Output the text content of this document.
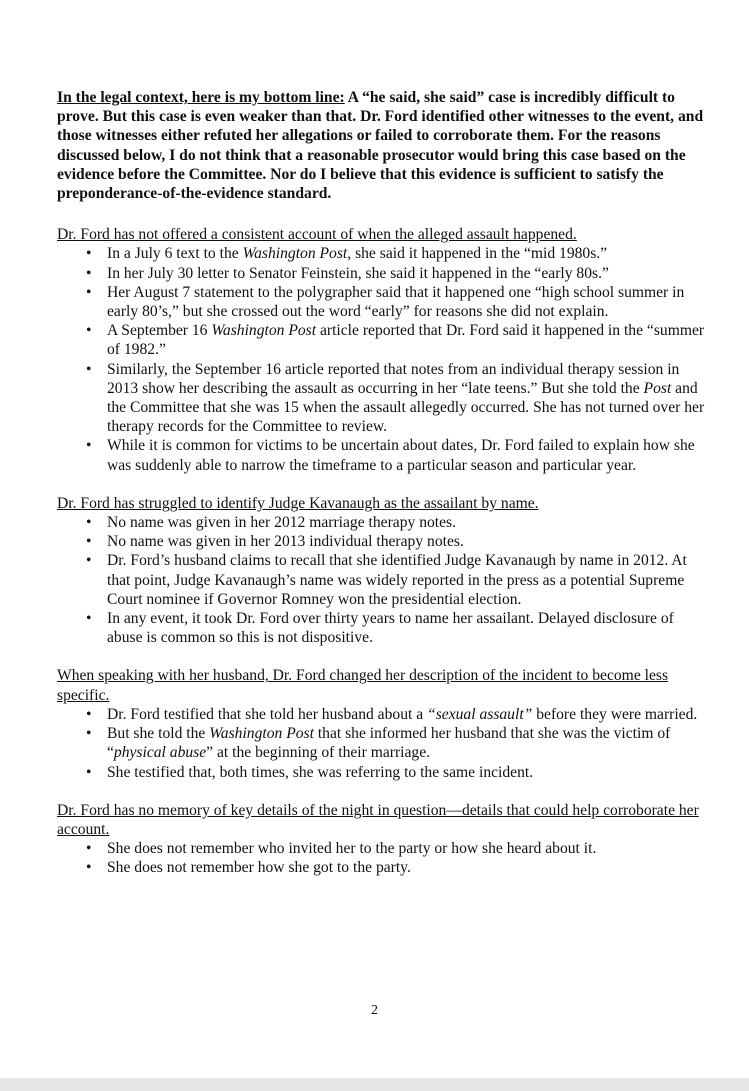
In the legal context, here is my bottom line: A “he said, she said” case is incredibly difficult to prove. But this case is even weaker than that. Dr. Ford identified other witnesses to the event, and those witnesses either refuted her allegations or failed to corroborate them. For the reasons discussed below, I do not think that a reasonable prosecutor would bring this case based on the evidence before the Committee. Nor do I believe that this evidence is sufficient to satisfy the preponderance-of-the-evidence standard.

Dr. Ford has not offered a consistent account of when the alleged assault happened.

• In a July 6 text to the Washington Post, she said it happened in the “mid 1980s.”
• In her July 30 letter to Senator Feinstein, she said it happened in the “early 80s.”
• Her August 7 statement to the polygrapher said that it happened one “high school summer in early 80’s,” but she crossed out the word “early” for reasons she did not explain.
• A September 16 Washington Post article reported that Dr. Ford said it happened in the “summer of 1982.”
• Similarly, the September 16 article reported that notes from an individual therapy session in 2013 show her describing the assault as occurring in her “late teens.” But she told the Post and the Committee that she was 15 when the assault allegedly occurred. She has not turned over her therapy records for the Committee to review.
• While it is common for victims to be uncertain about dates, Dr. Ford failed to explain how she was suddenly able to narrow the timeframe to a particular season and particular year.

Dr. Ford has struggled to identify Judge Kavanaugh as the assailant by name.

• No name was given in her 2012 marriage therapy notes.
• No name was given in her 2013 individual therapy notes.
• Dr. Ford’s husband claims to recall that she identified Judge Kavanaugh by name in 2012. At that point, Judge Kavanaugh’s name was widely reported in the press as a potential Supreme Court nominee if Governor Romney won the presidential election.
• In any event, it took Dr. Ford over thirty years to name her assailant. Delayed disclosure of abuse is common so this is not dispositive.

When speaking with her husband, Dr. Ford changed her description of the incident to become less specific.

• Dr. Ford testified that she told her husband about a “sexual assault” before they were married.
• But she told the Washington Post that she informed her husband that she was the victim of “physical abuse” at the beginning of their marriage.
• She testified that, both times, she was referring to the same incident.

Dr. Ford has no memory of key details of the night in question—details that could help corroborate her account.

• She does not remember who invited her to the party or how she heard about it.
• She does not remember how she got to the party.
2
